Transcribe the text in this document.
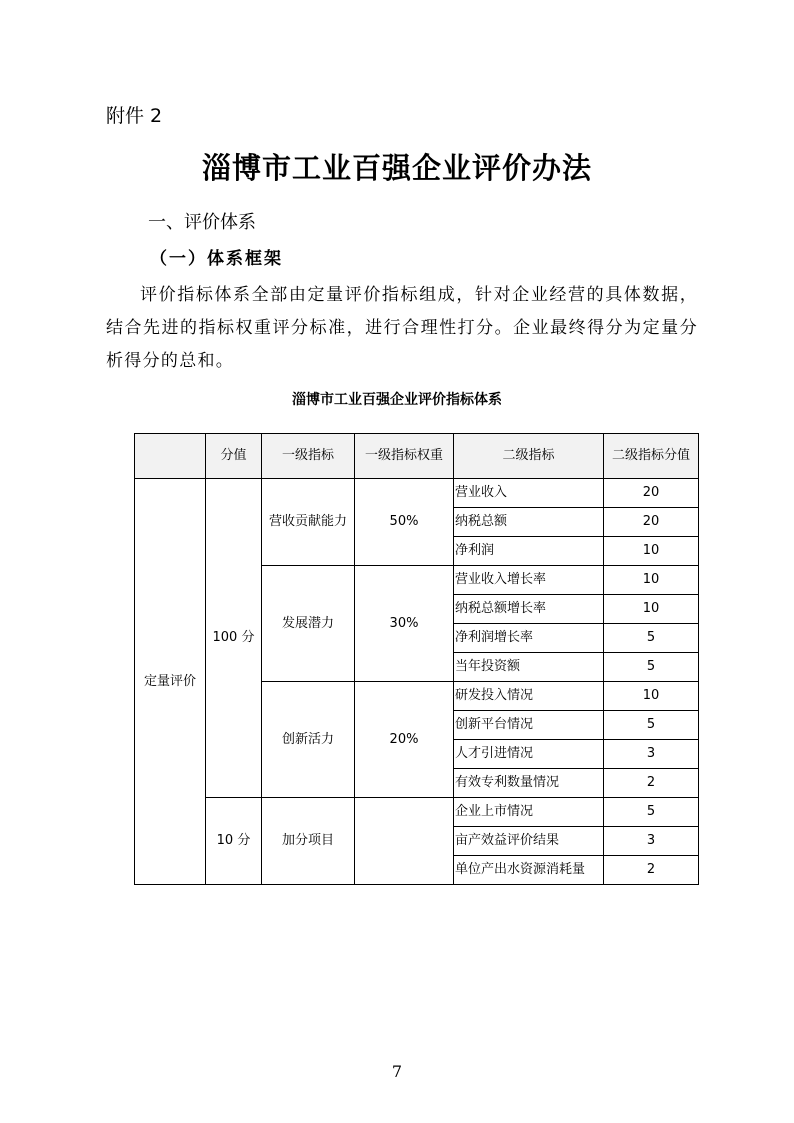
附件 2
淄博市工业百强企业评价办法
一、评价体系
（一）体系框架
评价指标体系全部由定量评价指标组成，针对企业经营的具体数据，结合先进的指标权重评分标准，进行合理性打分。企业最终得分为定量分析得分的总和。
淄博市工业百强企业评价指标体系
	分值	一级指标	一级指标权重	二级指标	二级指标分值
定量评价	100 分	营收贡献能力	50%	营业收入	20
				纳税总额	20
				净利润	10
		发展潜力	30%	营业收入增长率	10
				纳税总额增长率	10
				净利润增长率	5
				当年投资额	5
		创新活力	20%	研发投入情况	10
				创新平台情况	5
				人才引进情况	3
				有效专利数量情况	2
	10 分	加分项目		企业上市情况	5
				亩产效益评价结果	3
				单位产出水资源消耗量	2
7
